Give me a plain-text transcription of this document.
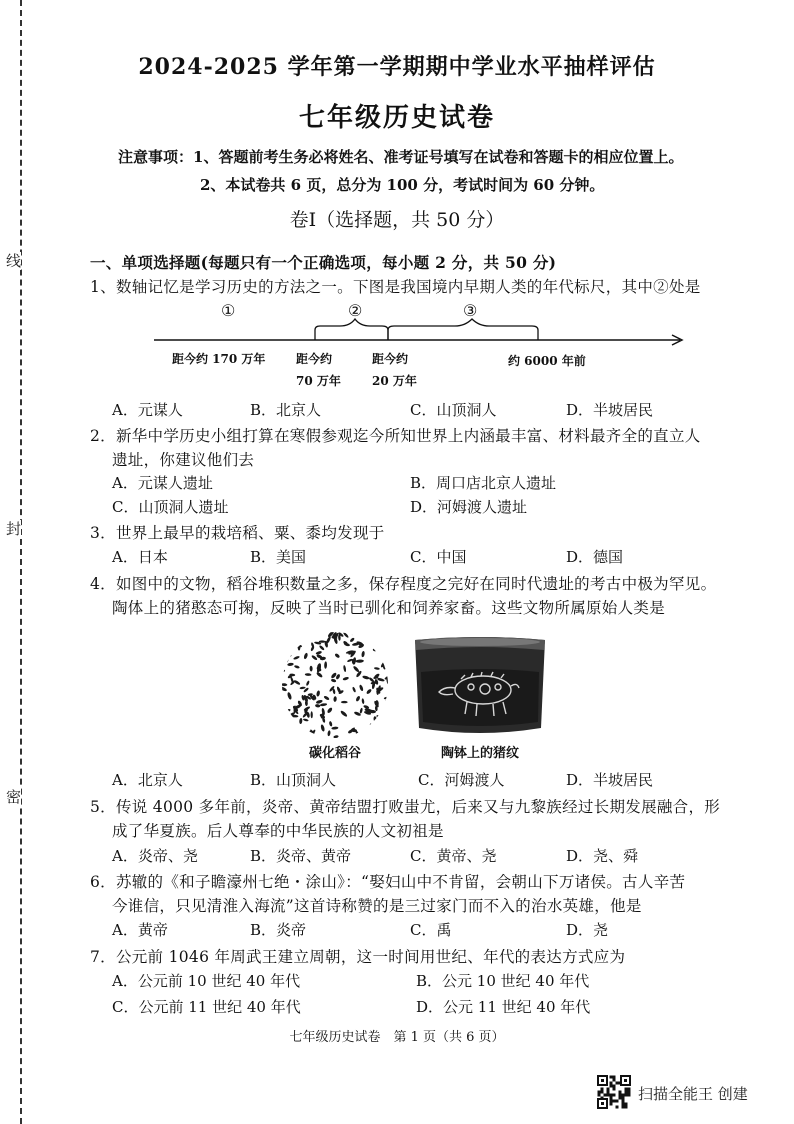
线
封
密
2024-2025 学年第一学期期中学业水平抽样评估
七年级历史试卷
注意事项：1、答题前考生务必将姓名、准考证号填写在试卷和答题卡的相应位置上。
2、本试卷共 6 页，总分为 100 分，考试时间为 60 分钟。
卷Ⅰ（选择题，共 50 分）
一、单项选择题(每题只有一个正确选项，每小题 2 分，共 50 分)
1、数轴记忆是学习历史的方法之一。下图是我国境内早期人类的年代标尺，其中②处是
①	②	③
距今约 170 万年	距今约
70 万年
距今约
20 万年
约 6000 年前
A．元谋人	B．北京人	C．山顶洞人	D．半坡居民
2．新华中学历史小组打算在寒假参观迄今所知世界上内涵最丰富、材料最齐全的直立人
遗址，你建议他们去
A．元谋人遗址	B．周口店北京人遗址
C．山顶洞人遗址	D．河姆渡人遗址
3．世界上最早的栽培稻、粟、黍均发现于
A．日本	B．美国	C．中国	D．德国
4．如图中的文物，稻谷堆积数量之多，保存程度之完好在同时代遗址的考古中极为罕见。
陶体上的猪憨态可掬，反映了当时已驯化和饲养家畜。这些文物所属原始人类是
碳化稻谷	陶钵上的猪纹
A．北京人	B．山顶洞人	C．河姆渡人	D．半坡居民
5．传说 4000 多年前，炎帝、黄帝结盟打败蚩尤，后来又与九黎族经过长期发展融合，形
成了华夏族。后人尊奉的中华民族的人文初祖是
A．炎帝、尧	B．炎帝、黄帝	C．黄帝、尧	D．尧、舜
6．苏辙的《和子瞻濠州七绝・涂山》：“娶妇山中不肯留，会朝山下万诸侯。古人辛苦
今谁信，只见清淮入海流”这首诗称赞的是三过家门而不入的治水英雄，他是
A．黄帝	B．炎帝	C．禹	D．尧
7．公元前 1046 年周武王建立周朝，这一时间用世纪、年代的表达方式应为
A．公元前 10 世纪 40 年代	B．公元 10 世纪 40 年代
C．公元前 11 世纪 40 年代	D．公元 11 世纪 40 年代
七年级历史试卷　第 1 页（共 6 页）
扫描全能王 创建
